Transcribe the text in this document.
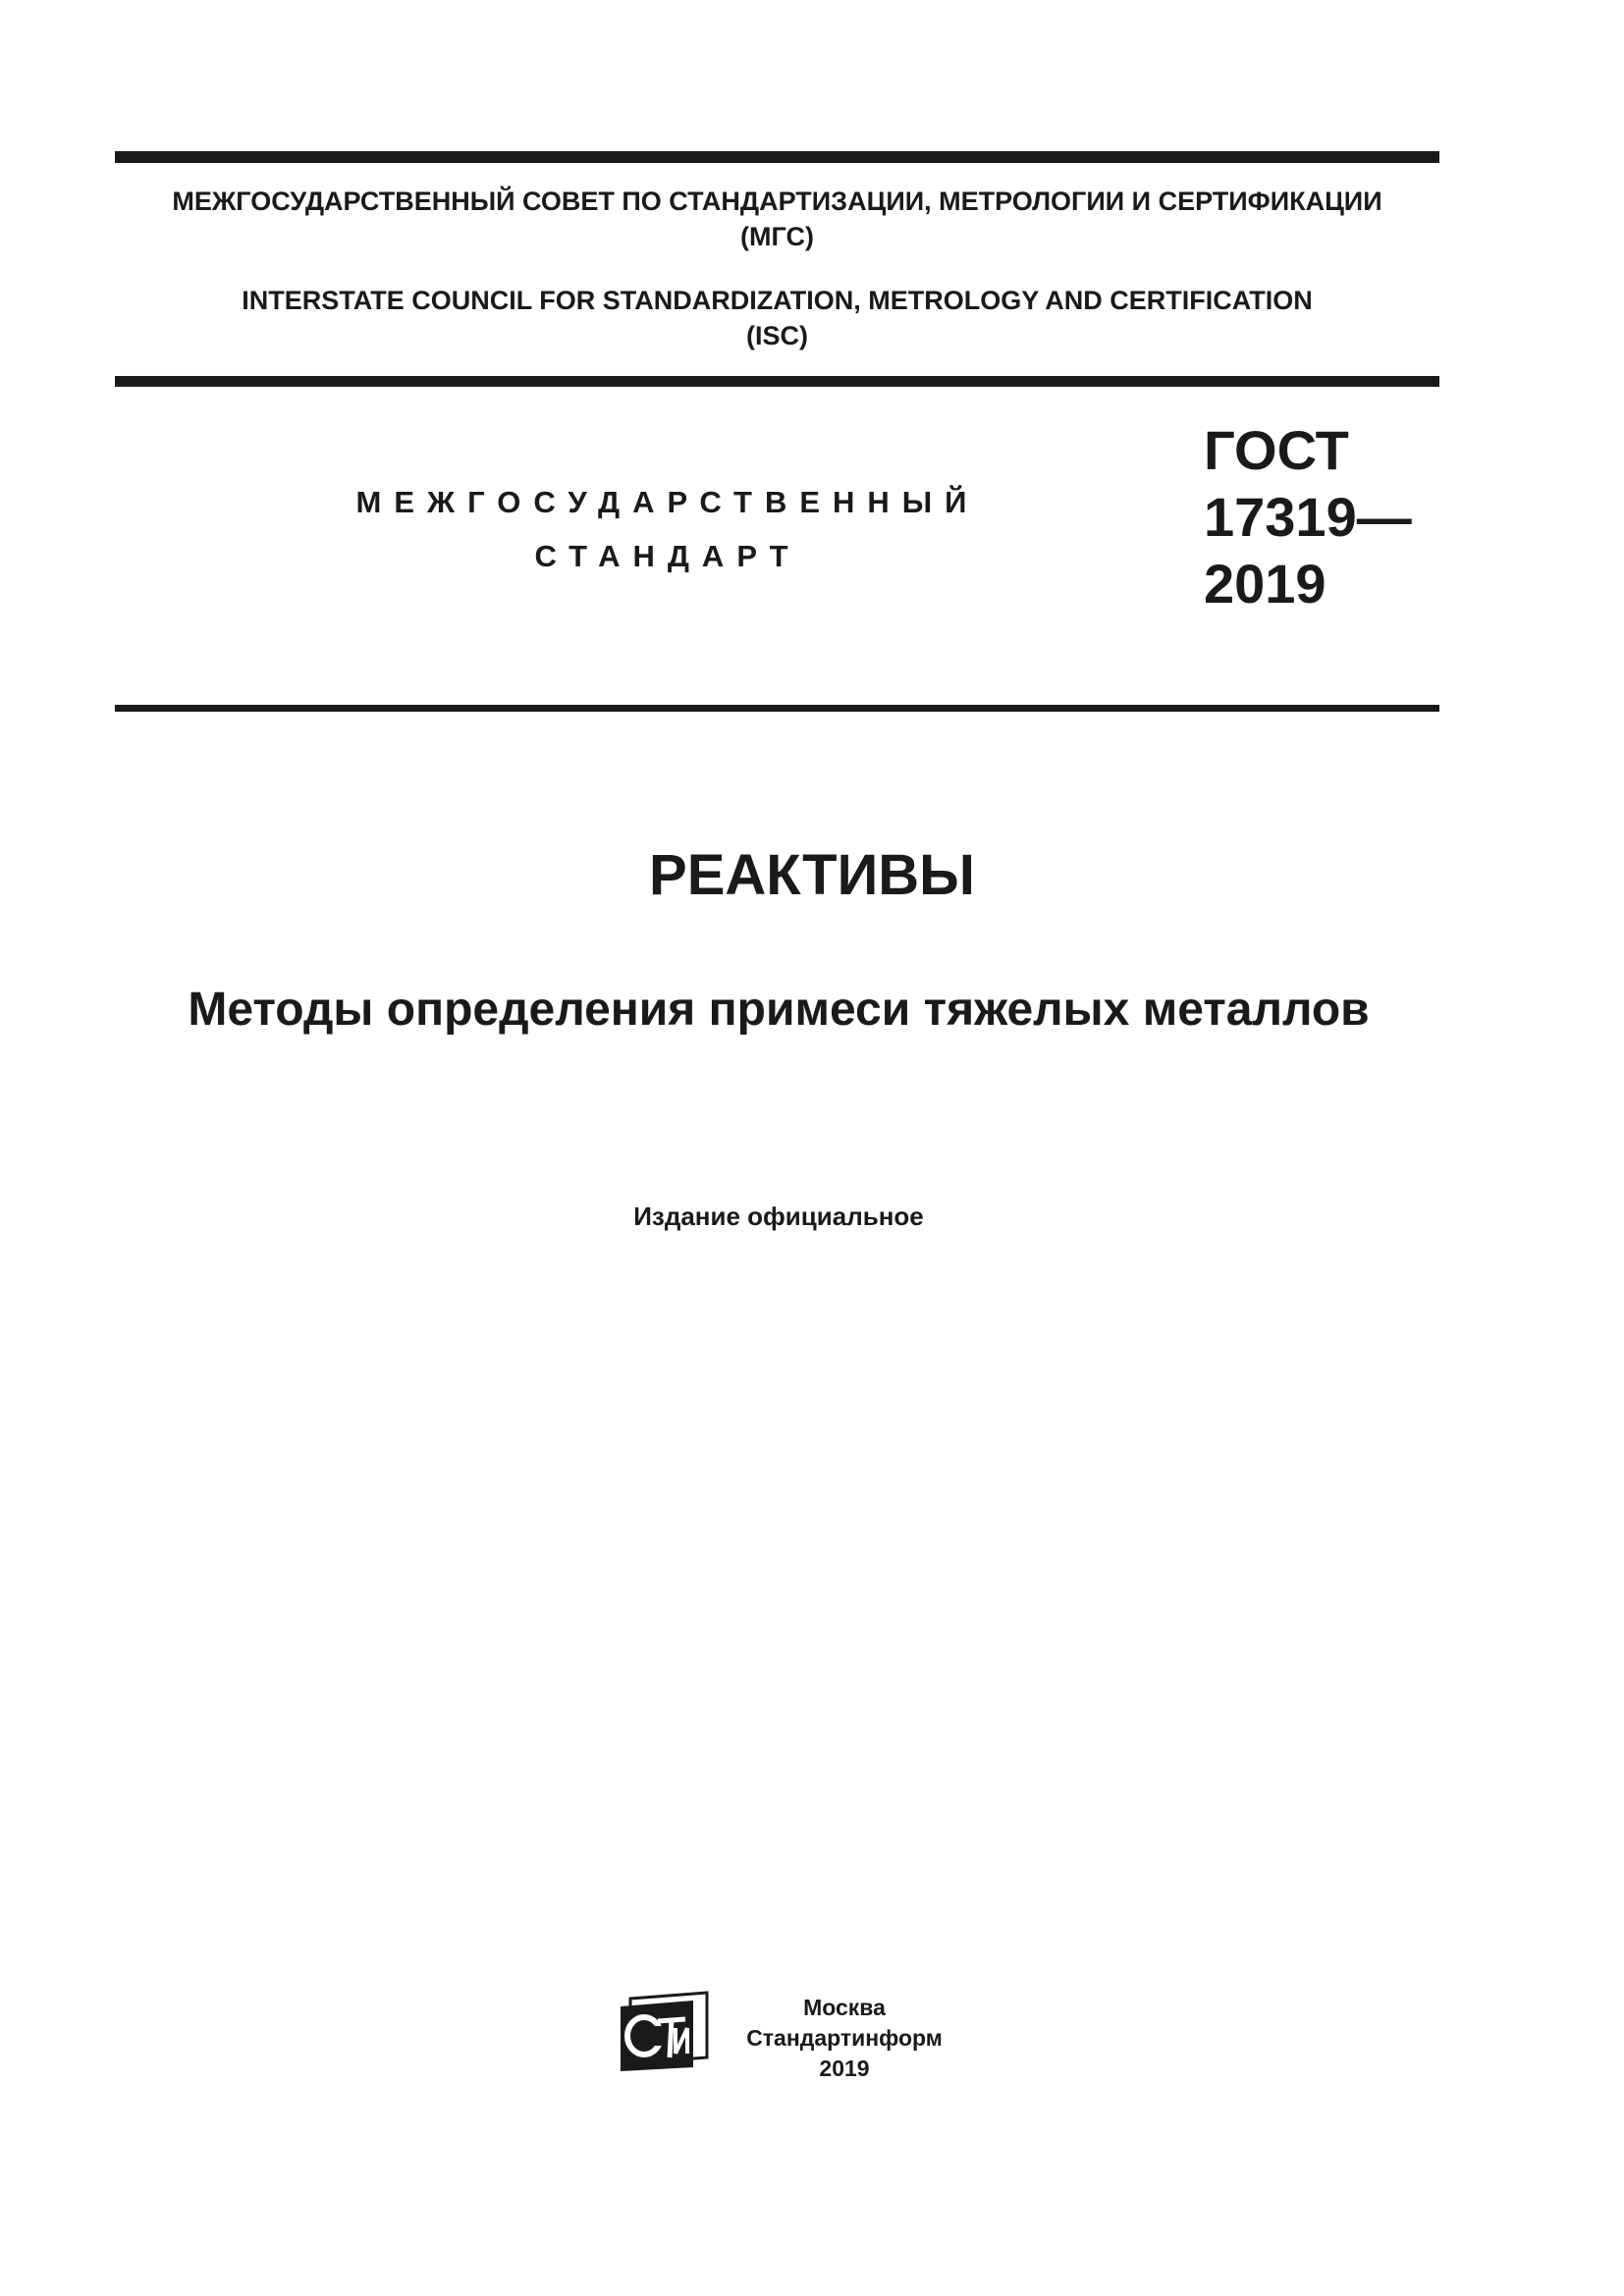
МЕЖГОСУДАРСТВЕННЫЙ СОВЕТ ПО СТАНДАРТИЗАЦИИ, МЕТРОЛОГИИ И СЕРТИФИКАЦИИ
(МГС)
INTERSTATE COUNCIL FOR STANDARDIZATION, METROLOGY AND CERTIFICATION
(ISC)
МЕЖГОСУДАРСТВЕННЫЙ
СТАНДАРТ
ГОСТ
17319—
2019
РЕАКТИВЫ
Методы определения примеси тяжелых металлов
Издание официальное
Москва
Стандартинформ
2019
